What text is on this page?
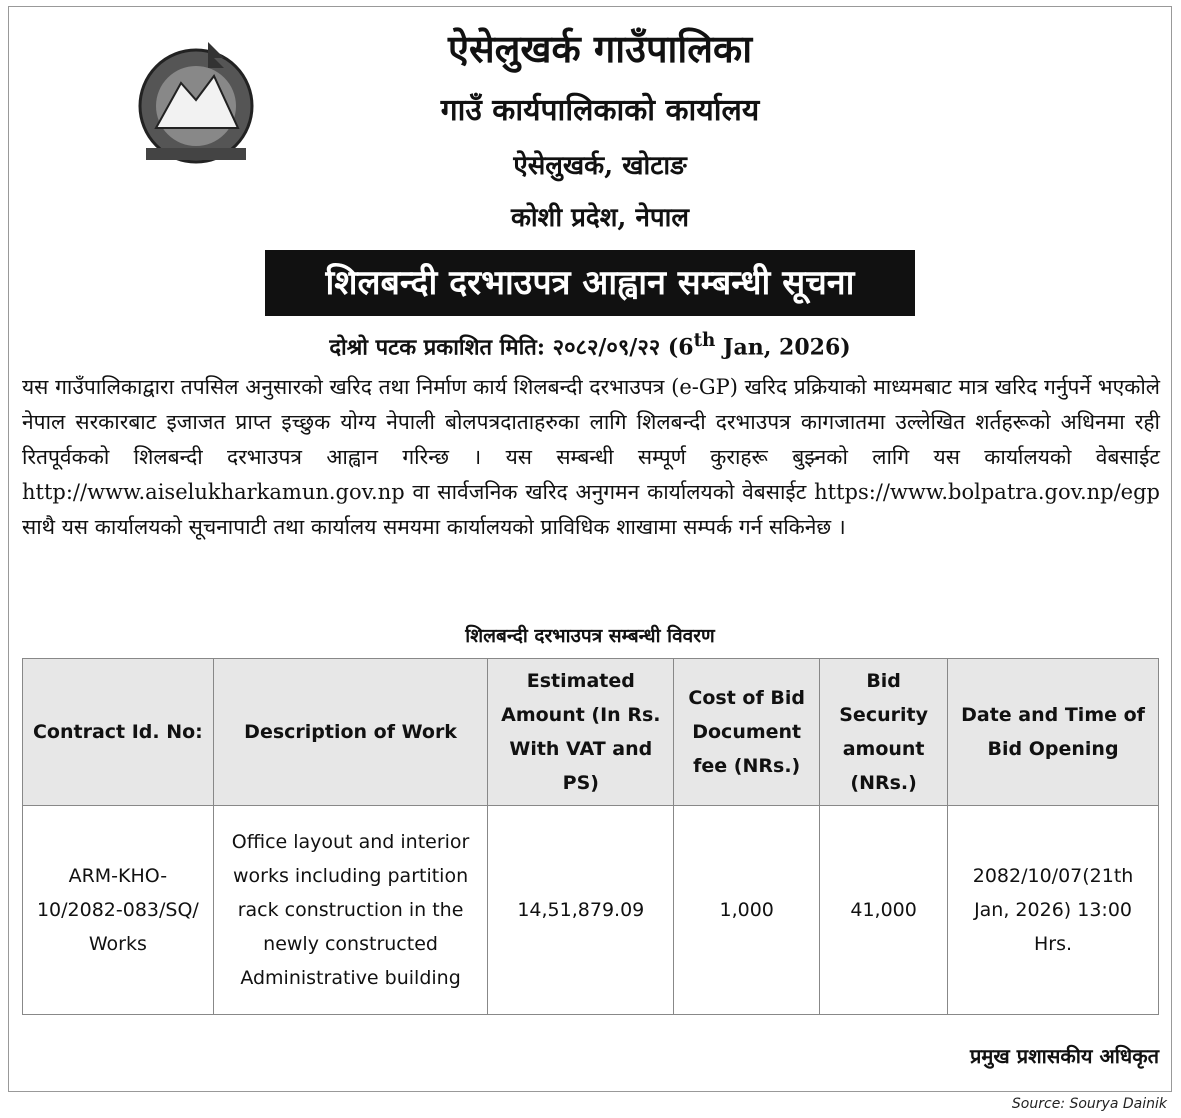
ऐसेलुखर्क गाउँपालिका
गाउँ कार्यपालिकाको कार्यालय
ऐसेलुखर्क, खोटाङ
कोशी प्रदेश, नेपाल
शिलबन्दी दरभाउपत्र आह्वान सम्बन्धी सूचना
दोश्रो पटक प्रकाशित मिति: २०८२/०९/२२ (6th Jan, 2026)
यस गाउँपालिकाद्वारा तपसिल अनुसारको खरिद तथा निर्माण कार्य शिलबन्दी दरभाउपत्र (e-GP) खरिद प्रक्रियाको माध्यमबाट मात्र खरिद गर्नुपर्ने भएकोले नेपाल सरकारबाट इजाजत प्राप्त इच्छुक योग्य नेपाली बोलपत्रदाताहरुका लागि शिलबन्दी दरभाउपत्र कागजातमा उल्लेखित शर्तहरूको अधिनमा रही रितपूर्वकको शिलबन्दी दरभाउपत्र आह्वान गरिन्छ । यस सम्बन्धी सम्पूर्ण कुराहरू बुझ्नको लागि यस कार्यालयको वेबसाईट http://www.aiselukharkamun.gov.np वा सार्वजनिक खरिद अनुगमन कार्यालयको वेबसाईट https://www.bolpatra.gov.np/egp साथै यस कार्यालयको सूचनापाटी तथा कार्यालय समयमा कार्यालयको प्राविधिक शाखामा सम्पर्क गर्न सकिनेछ ।
शिलबन्दी दरभाउपत्र सम्बन्धी विवरण
Contract Id. No:	Description of Work	Estimated Amount (In Rs. With VAT and PS)	Cost of Bid Document fee (NRs.)	Bid Security amount (NRs.)	Date and Time of Bid Opening
ARM-KHO-10/2082-083/SQ/ Works	Office layout and interior works including partition rack construction in the newly constructed Administrative building	14,51,879.09	1,000	41,000	2082/10/07(21th Jan, 2026) 13:00 Hrs.
प्रमुख प्रशासकीय अधिकृत
Source: Sourya Dainik
